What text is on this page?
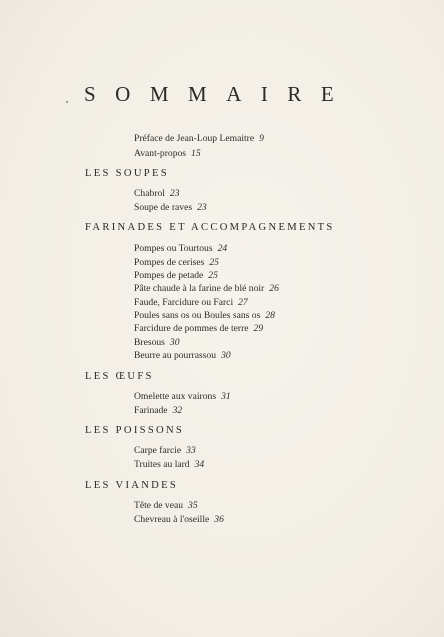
SOMMAIRE
Préface de Jean-Loup Lemaitre 9
Avant-propos 15
LES SOUPES
Chabrol 23
Soupe de raves 23
FARINADES ET ACCOMPAGNEMENTS
Pompes ou Tourtous 24
Pompes de cerises 25
Pompes de petade 25
Pâte chaude à la farine de blé noir 26
Faude, Farcidure ou Farci 27
Poules sans os ou Boules sans os 28
Farcidure de pommes de terre 29
Bresous 30
Beurre au pourrassou 30
LES ŒUFS
Omelette aux vairons 31
Farinade 32
LES POISSONS
Carpe farcie 33
Truites au lard 34
LES VIANDES
Tête de veau 35
Chevreau à l'oseille 36
